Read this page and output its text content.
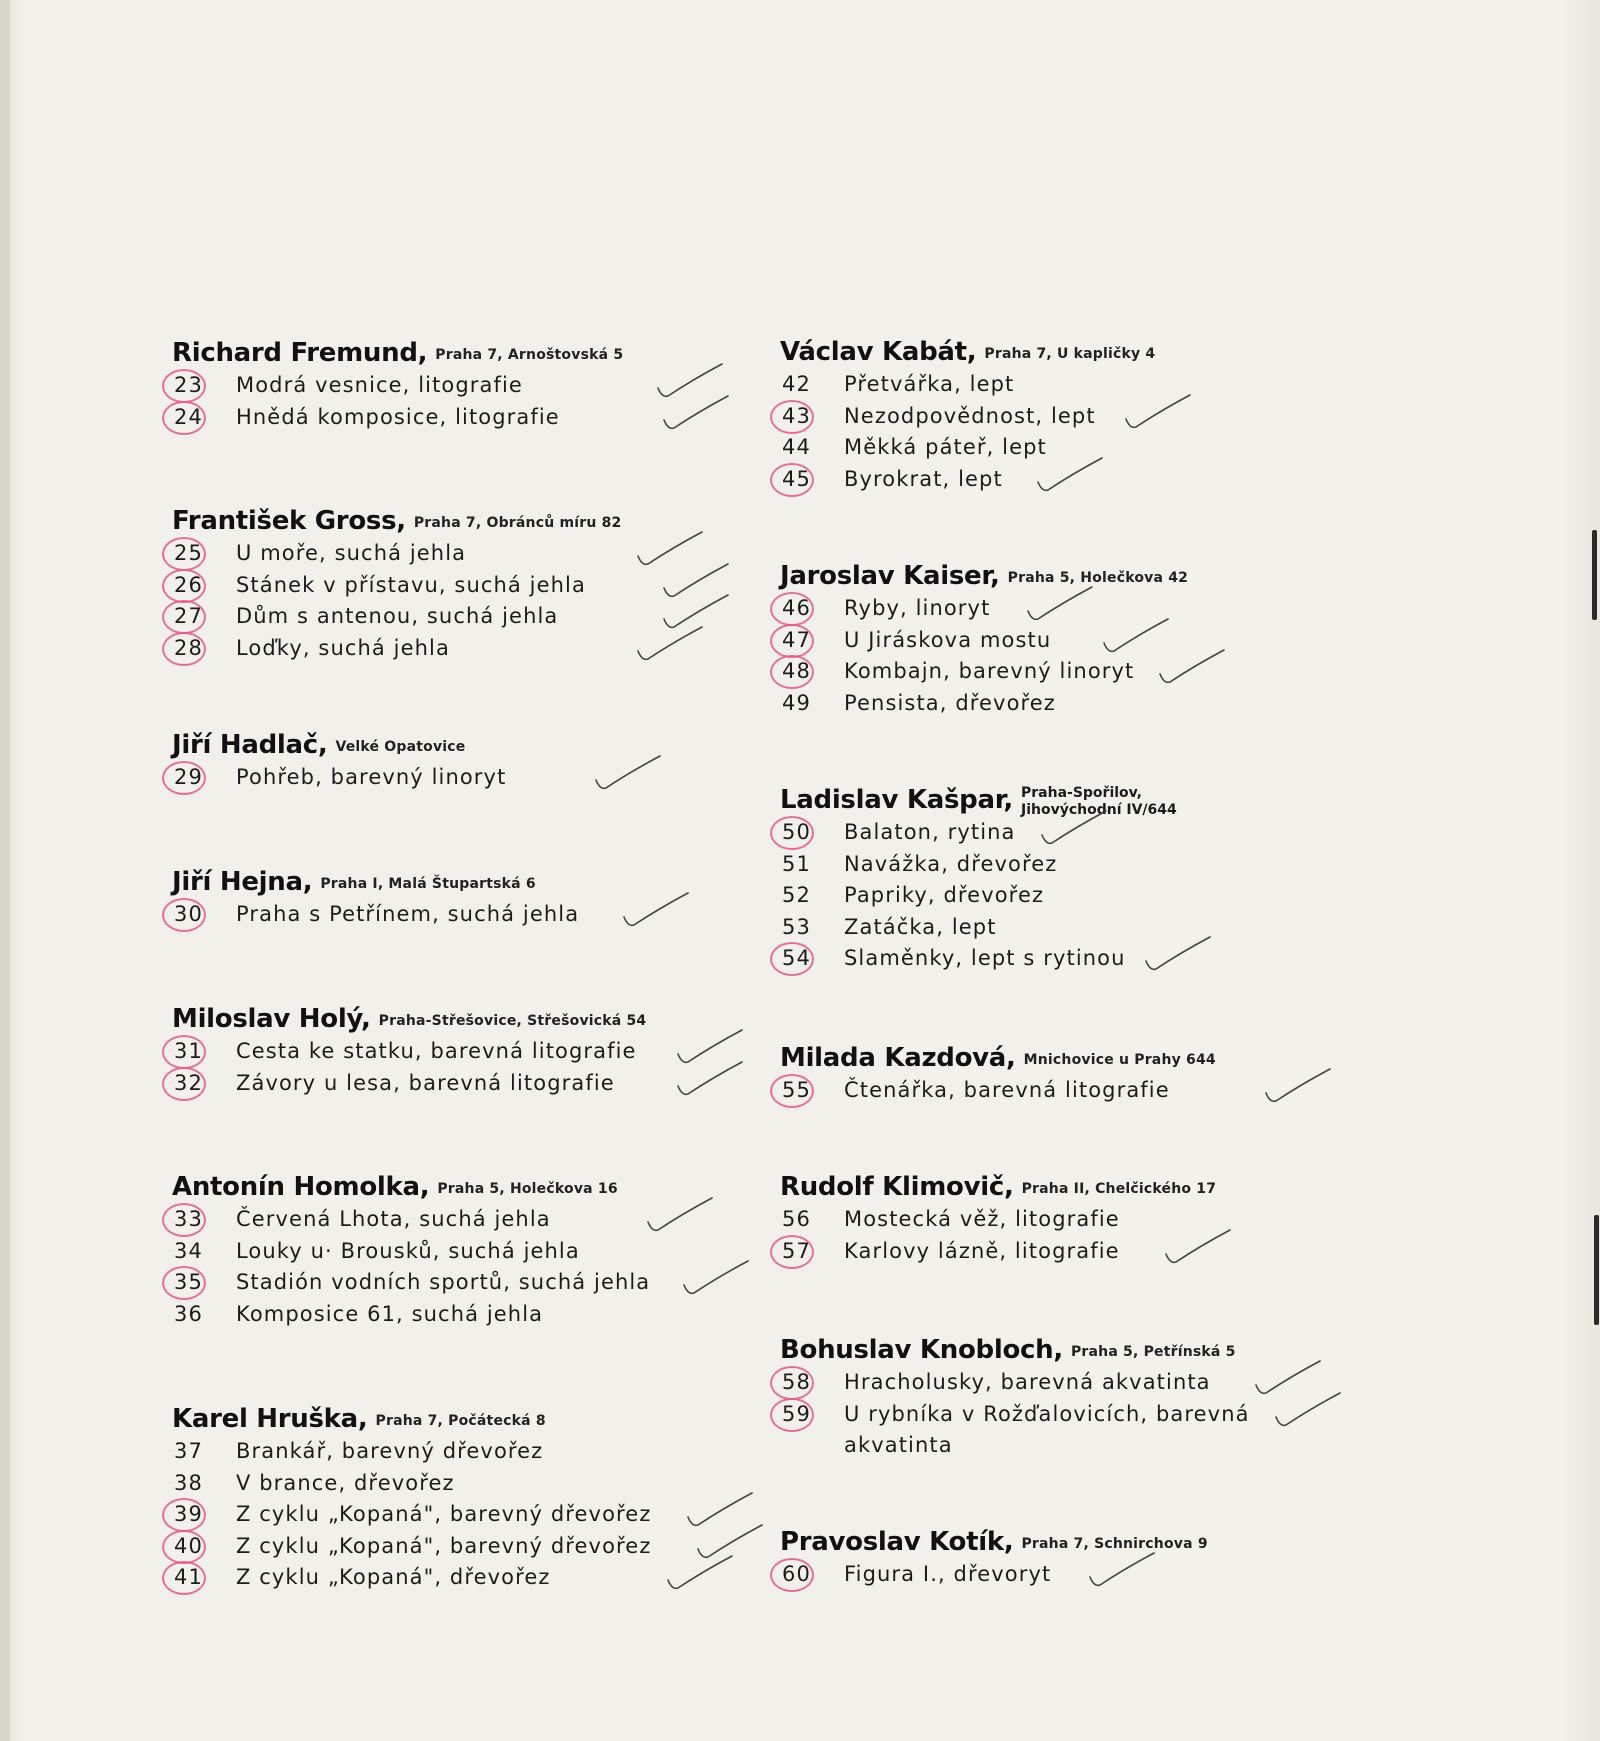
Richard Fremund, Praha 7, Arnoštovská 5
23	Modrá vesnice, litografie
24	Hnědá komposice, litografie
František Gross, Praha 7, Obránců míru 82
25	U moře, suchá jehla
26	Stánek v přístavu, suchá jehla
27	Dům s antenou, suchá jehla
28	Loďky, suchá jehla
Jiří Hadlač, Velké Opatovice
29	Pohřeb, barevný linoryt
Jiří Hejna, Praha I, Malá Štupartská 6
30	Praha s Petřínem, suchá jehla
Miloslav Holý, Praha-Střešovice, Střešovická 54
31	Cesta ke statku, barevná litografie
32	Závory u lesa, barevná litografie
Antonín Homolka, Praha 5, Holečkova 16
33	Červená Lhota, suchá jehla
34	Louky u· Brousků, suchá jehla
35	Stadión vodních sportů, suchá jehla
36	Komposice 61, suchá jehla
Karel Hruška, Praha 7, Počátecká 8
37	Brankář, barevný dřevořez
38	V brance, dřevořez
39	Z cyklu „Kopaná", barevný dřevořez
40	Z cyklu „Kopaná", barevný dřevořez
41	Z cyklu „Kopaná", dřevořez
Václav Kabát, Praha 7, U kapličky 4
42	Přetvářka, lept
43	Nezodpovědnost, lept
44	Měkká páteř, lept
45	Byrokrat, lept
Jaroslav Kaiser, Praha 5, Holečkova 42
46	Ryby, linoryt
47	U Jiráskova mostu
48	Kombajn, barevný linoryt
49	Pensista, dřevořez
Ladislav Kašpar, Praha-Spořilov,
Jihovýchodní IV/644
50	Balaton, rytina
51	Navážka, dřevořez
52	Papriky, dřevořez
53	Zatáčka, lept
54	Slaměnky, lept s rytinou
Milada Kazdová, Mnichovice u Prahy 644
55	Čtenářka, barevná litografie
Rudolf Klimovič, Praha II, Chelčického 17
56	Mostecká věž, litografie
57	Karlovy lázně, litografie
Bohuslav Knobloch, Praha 5, Petřínská 5
58	Hracholusky, barevná akvatinta
59	U rybníka v Rožďalovicích, barevná
akvatinta
Pravoslav Kotík, Praha 7, Schnirchova 9
60	Figura I., dřevoryt
